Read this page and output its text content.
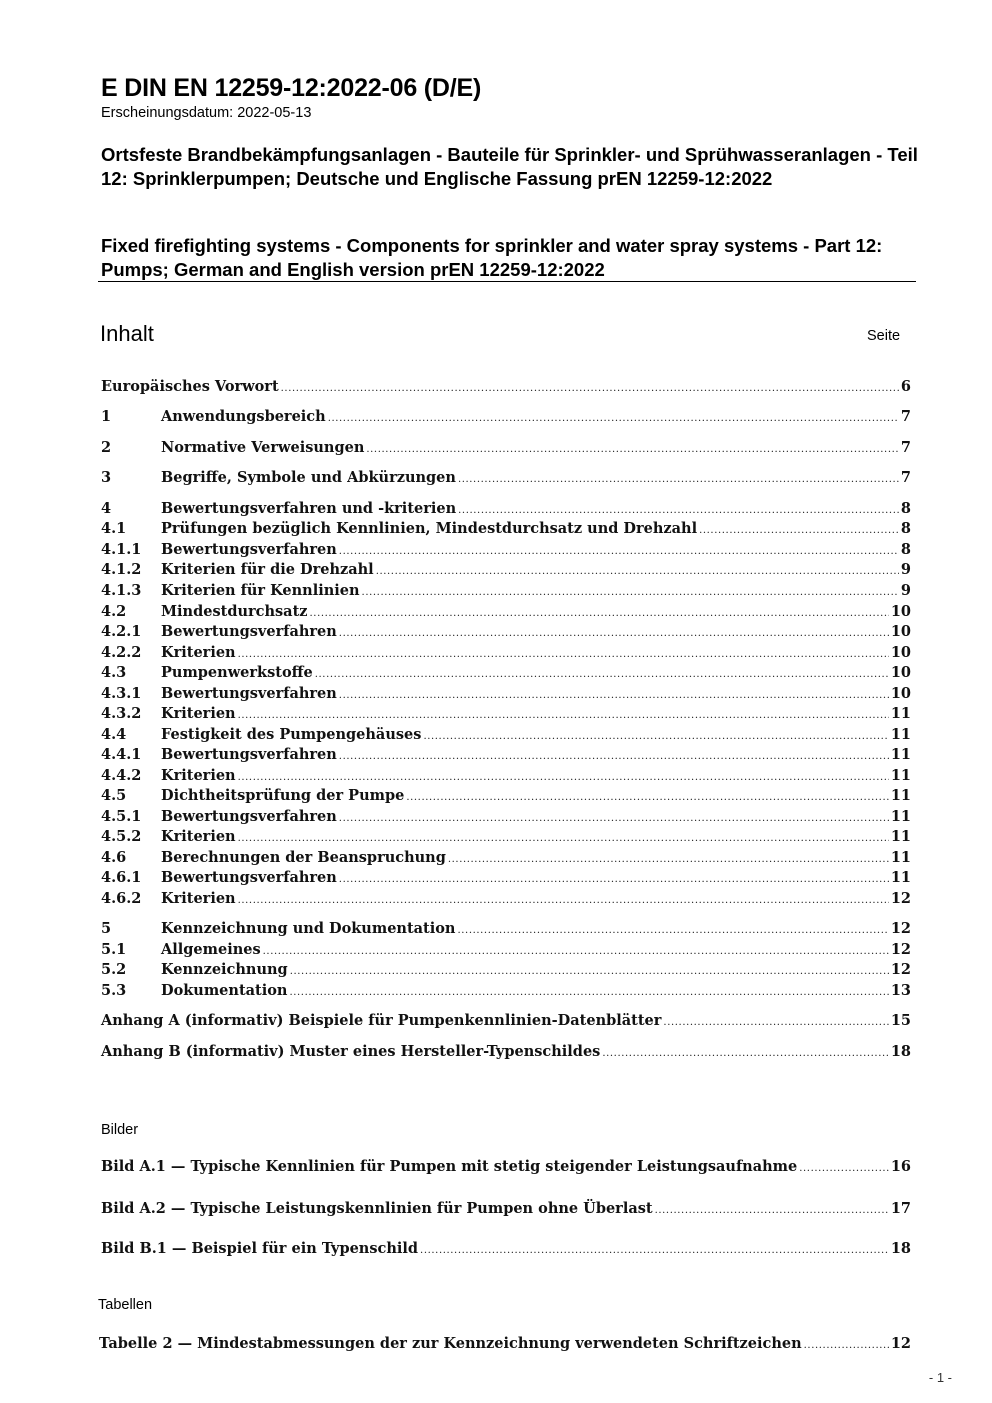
E DIN EN 12259-12:2022-06 (D/E)
Erscheinungsdatum: 2022-05-13
Ortsfeste Brandbekämpfungsanlagen - Bauteile für Sprinkler- und Sprühwasseranlagen - Teil 12: Sprinklerpumpen; Deutsche und Englische Fassung prEN 12259-12:2022
Fixed firefighting systems - Components for sprinkler and water spray systems - Part 12: Pumps; German and English version prEN 12259-12:2022
Inhalt	Seite
Europäisches Vorwort .....	6
1	Anwendungsbereich .....	7
2	Normative Verweisungen .....	7
3	Begriffe, Symbole und Abkürzungen .....	7
4	Bewertungsverfahren und -kriterien .....	8
4.1	Prüfungen bezüglich Kennlinien, Mindestdurchsatz und Drehzahl .....	8
4.1.1	Bewertungsverfahren .....	8
4.1.2	Kriterien für die Drehzahl .....	9
4.1.3	Kriterien für Kennlinien .....	9
4.2	Mindestdurchsatz .....	10
4.2.1	Bewertungsverfahren .....	10
4.2.2	Kriterien .....	10
4.3	Pumpenwerkstoffe .....	10
4.3.1	Bewertungsverfahren .....	10
4.3.2	Kriterien .....	11
4.4	Festigkeit des Pumpengehäuses .....	11
4.4.1	Bewertungsverfahren .....	11
4.4.2	Kriterien .....	11
4.5	Dichtheitsprüfung der Pumpe .....	11
4.5.1	Bewertungsverfahren .....	11
4.5.2	Kriterien .....	11
4.6	Berechnungen der Beanspruchung .....	11
4.6.1	Bewertungsverfahren .....	11
4.6.2	Kriterien .....	12
5	Kennzeichnung und Dokumentation .....	12
5.1	Allgemeines .....	12
5.2	Kennzeichnung .....	12
5.3	Dokumentation .....	13
Anhang A (informativ) Beispiele für Pumpenkennlinien-Datenblätter .....	15
Anhang B (informativ) Muster eines Hersteller-Typenschildes .....	18
Bilder
Bild A.1 — Typische Kennlinien für Pumpen mit stetig steigender Leistungsaufnahme .....	16
Bild A.2 — Typische Leistungskennlinien für Pumpen ohne Überlast .....	17
Bild B.1 — Beispiel für ein Typenschild .....	18
Tabellen
Tabelle 2 — Mindestabmessungen der zur Kennzeichnung verwendeten Schriftzeichen .....	12
- 1 -
